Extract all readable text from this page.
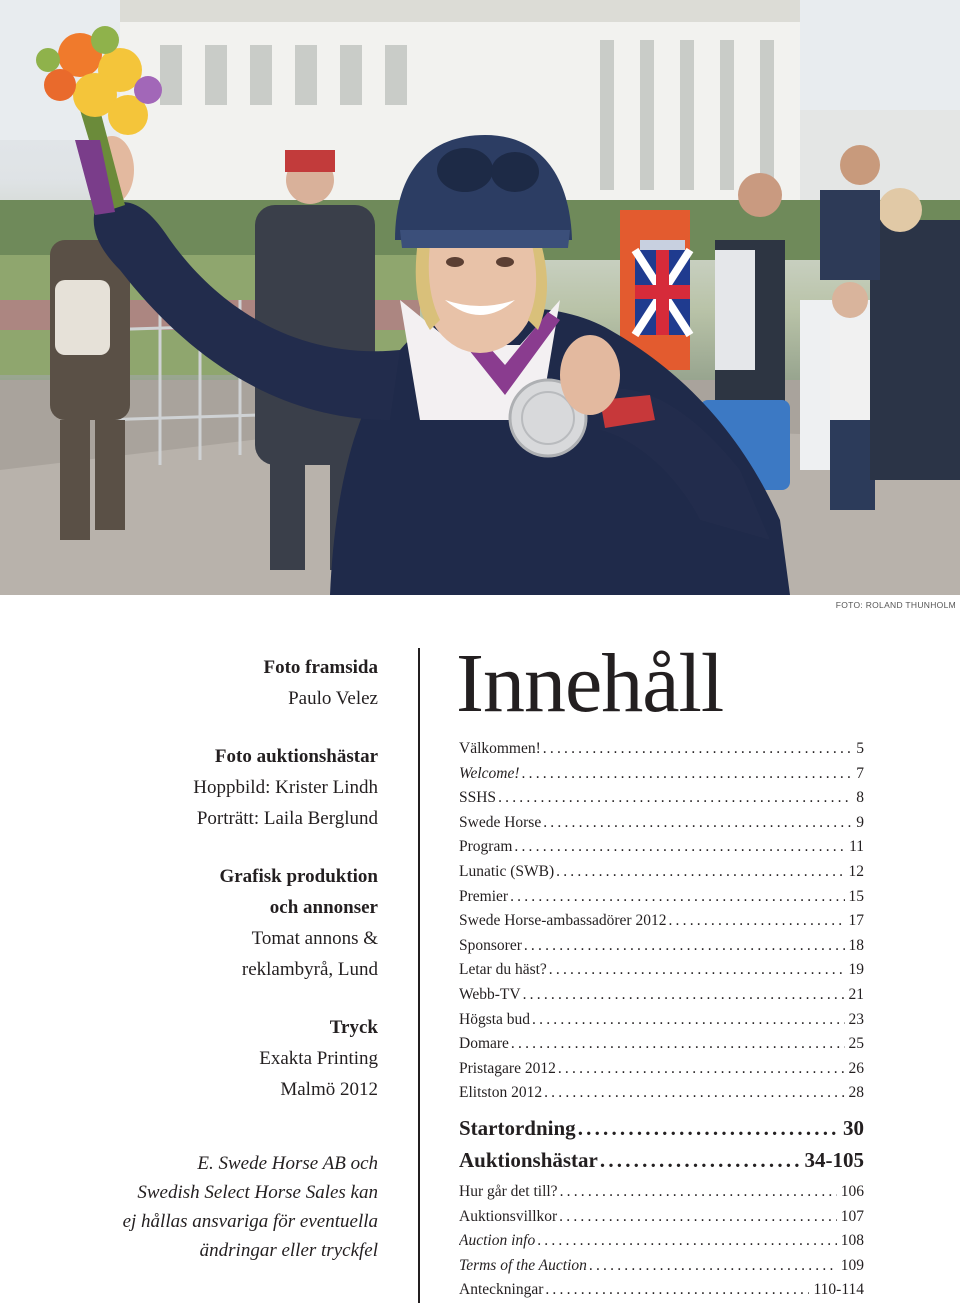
FOTO: ROLAND THUNHOLM
Foto framsida
Paulo Velez
Foto auktionshästar
Hoppbild: Krister Lindh
Porträtt: Laila Berglund
Grafisk produktion
och annonser
Tomat annons &
reklambyrå, Lund
Tryck
Exakta Printing
Malmö 2012
E. Swede Horse AB och
Swedish Select Horse Sales kan
ej hållas ansvariga för eventuella
ändringar eller tryckfel
Innehåll
Välkommen! .....	5
Welcome! .....	7
SSHS .....	8
Swede Horse .....	9
Program .....	11
Lunatic (SWB) .....	12
Premier .....	15
Swede Horse-ambassadörer 2012 .....	17
Sponsorer .....	18
Letar du häst? .....	19
Webb-TV .....	21
Högsta bud .....	23
Domare .....	25
Pristagare 2012 .....	26
Elitston 2012 .....	28
Startordning .....	30
Auktionshästar .....	34-105
Hur går det till? .....	106
Auktionsvillkor .....	107
Auction info .....	108
Terms of the Auction .....	109
Anteckningar .....	110-114
